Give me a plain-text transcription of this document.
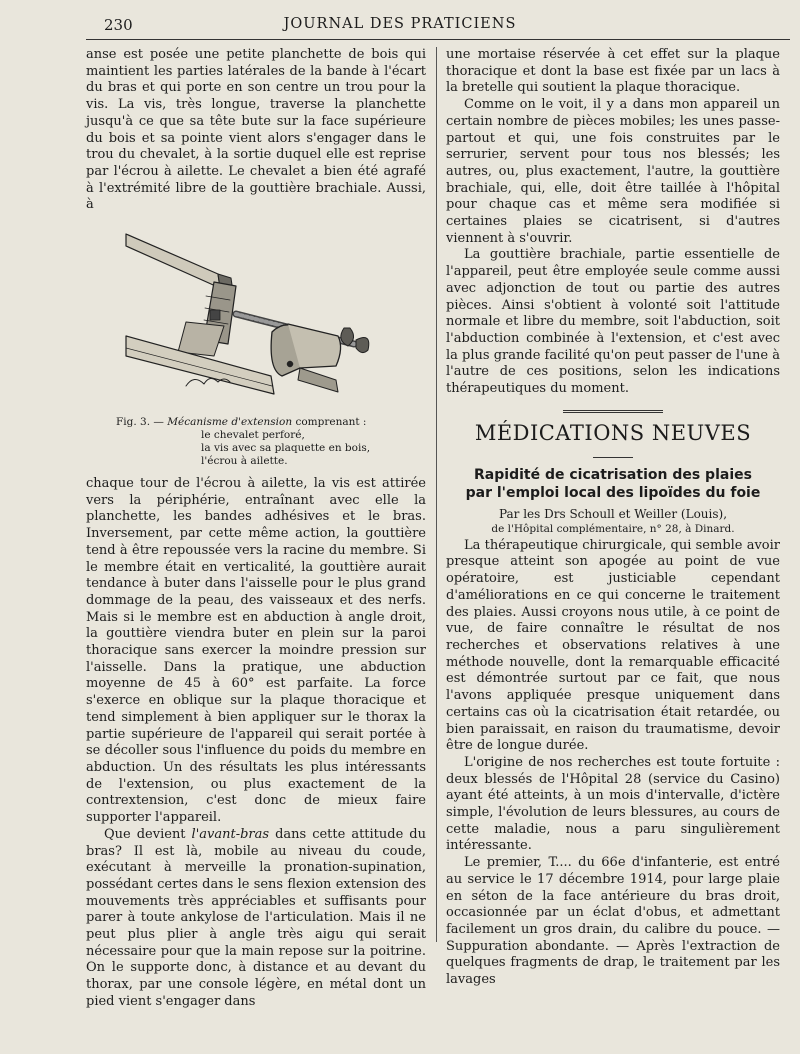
230	JOURNAL DES PRATICIENS

anse est posée une petite planchette de bois qui maintient les parties latérales de la bande à l'écart du bras et qui porte en son centre un trou pour la vis. La vis, très longue, traverse la planchette jusqu'à ce que sa tête bute sur la face supérieure du bois et sa pointe vient alors s'engager dans le trou du chevalet, à la sortie duquel elle est reprise par l'écrou à ailette. Le chevalet a bien été agrafé à l'extrémité libre de la gouttière brachiale. Aussi, à

Fig. 3. — Mécanisme d'extension comprenant :
le chevalet perforé,
la vis avec sa plaquette en bois,
l'écrou à ailette.

chaque tour de l'écrou à ailette, la vis est attirée vers la périphérie, entraînant avec elle la planchette, les bandes adhésives et le bras. Inversement, par cette même action, la gouttière tend à être repoussée vers la racine du membre. Si le membre était en verticalité, la gouttière aurait tendance à buter dans l'aisselle pour le plus grand dommage de la peau, des vaisseaux et des nerfs. Mais si le membre est en abduction à angle droit, la gouttière viendra buter en plein sur la paroi thoracique sans exercer la moindre pression sur l'aisselle. Dans la pratique, une abduction moyenne de 45 à 60° est parfaite. La force s'exerce en oblique sur la plaque thoracique et tend simplement à bien appliquer sur le thorax la partie supérieure de l'appareil qui serait portée à se décoller sous l'influence du poids du membre en abduction. Un des résultats les plus intéressants de l'extension, ou plus exactement de la contrextension, c'est donc de mieux faire supporter l'appareil.

Que devient l'avant-bras dans cette attitude du bras? Il est là, mobile au niveau du coude, exécutant à merveille la pronation-supination, possédant certes dans le sens flexion extension des mouvements très appréciables et suffisants pour parer à toute ankylose de l'articulation. Mais il ne peut plus plier à angle très aigu qui serait nécessaire pour que la main repose sur la poitrine. On le supporte donc, à distance et au devant du thorax, par une console légère, en métal dont un pied vient s'engager dans

une mortaise réservée à cet effet sur la plaque thoracique et dont la base est fixée par un lacs à la bretelle qui soutient la plaque thoracique.

Comme on le voit, il y a dans mon appareil un certain nombre de pièces mobiles; les unes passe-partout et qui, une fois construites par le serrurier, servent pour tous nos blessés; les autres, ou, plus exactement, l'autre, la gouttière brachiale, qui, elle, doit être taillée à l'hôpital pour chaque cas et même sera modifiée si certaines plaies se cicatrisent, si d'autres viennent à s'ouvrir.

La gouttière brachiale, partie essentielle de l'appareil, peut être employée seule comme aussi avec adjonction de tout ou partie des autres pièces. Ainsi s'obtient à volonté soit l'attitude normale et libre du membre, soit l'abduction, soit l'abduction combinée à l'extension, et c'est avec la plus grande facilité qu'on peut passer de l'une à l'autre de ces positions, selon les indications thérapeutiques du moment.

MÉDICATIONS NEUVES
Rapidité de cicatrisation des plaies
par l'emploi local des lipoïdes du foie
Par les Drs Schoull et Weiller (Louis),
de l'Hôpital complémentaire, n° 28, à Dinard.

La thérapeutique chirurgicale, qui semble avoir presque atteint son apogée au point de vue opératoire, est justiciable cependant d'améliorations en ce qui concerne le traitement des plaies. Aussi croyons nous utile, à ce point de vue, de faire connaître le résultat de nos recherches et observations relatives à une méthode nouvelle, dont la remarquable efficacité est démontrée surtout par ce fait, que nous l'avons appliquée presque uniquement dans certains cas où la cicatrisation était retardée, ou bien paraissait, en raison du traumatisme, devoir être de longue durée.

L'origine de nos recherches est toute fortuite : deux blessés de l'Hôpital 28 (service du Casino) ayant été atteints, à un mois d'intervalle, d'ictère simple, l'évolution de leurs blessures, au cours de cette maladie, nous a paru singulièrement intéressante.

Le premier, T.... du 66e d'infanterie, est entré au service le 17 décembre 1914, pour large plaie en séton de la face antérieure du bras droit, occasionnée par un éclat d'obus, et admettant facilement un gros drain, du calibre du pouce. — Suppuration abondante. — Après l'extraction de quelques fragments de drap, le traitement par les lavages
